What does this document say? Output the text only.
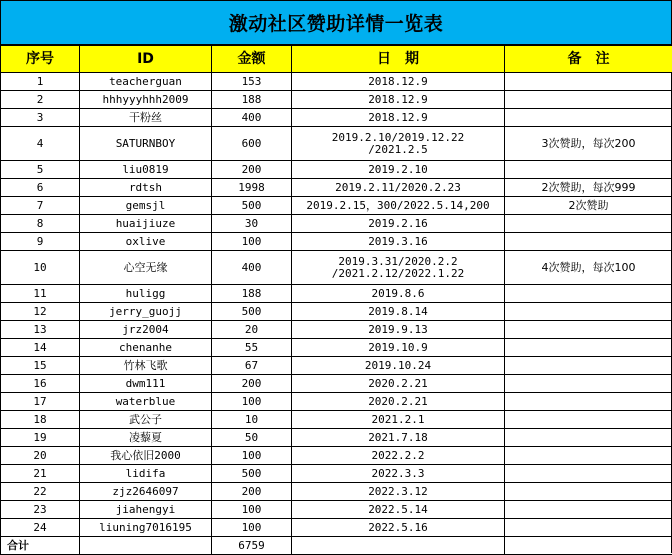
激动社区赞助详情一览表
序号	ID	金额	日　期	备　注
1	teacherguan	153	2018.12.9	

2	hhhyyyhhh2009	188	2018.12.9	

3	干粉丝	400	2018.12.9	

4	SATURNBOY	600	2019.2.10/2019.12.22
/2021.2.5	3次赞助，每次200
5	liu0819	200	2019.2.10	

6	rdtsh	1998	2019.2.11/2020.2.23	2次赞助，每次999
7	gemsjl	500	2019.2.15，300/2022.5.14,200	2次赞助
8	huaijiuze	30	2019.2.16	

9	oxlive	100	2019.3.16	

10	心空无缘	400	2019.3.31/2020.2.2
/2021.2.12/2022.1.22	4次赞助，每次100
11	huligg	188	2019.8.6	

12	jerry_guojj	500	2019.8.14	

13	jrz2004	20	2019.9.13	

14	chenanhe	55	2019.10.9	

15	竹林飞歌	67	2019.10.24	

16	dwm111	200	2020.2.21	

17	waterblue	100	2020.2.21	

18	武公子	10	2021.2.1	

19	凌藜夏	50	2021.7.18	

20	我心依旧2000	100	2022.2.2	

21	lidifa	500	2022.3.3	

22	zjz2646097	200	2022.3.12	

23	jiahengyi	100	2022.5.14	

24	liuning7016195	100	2022.5.16	

合计		6759		
